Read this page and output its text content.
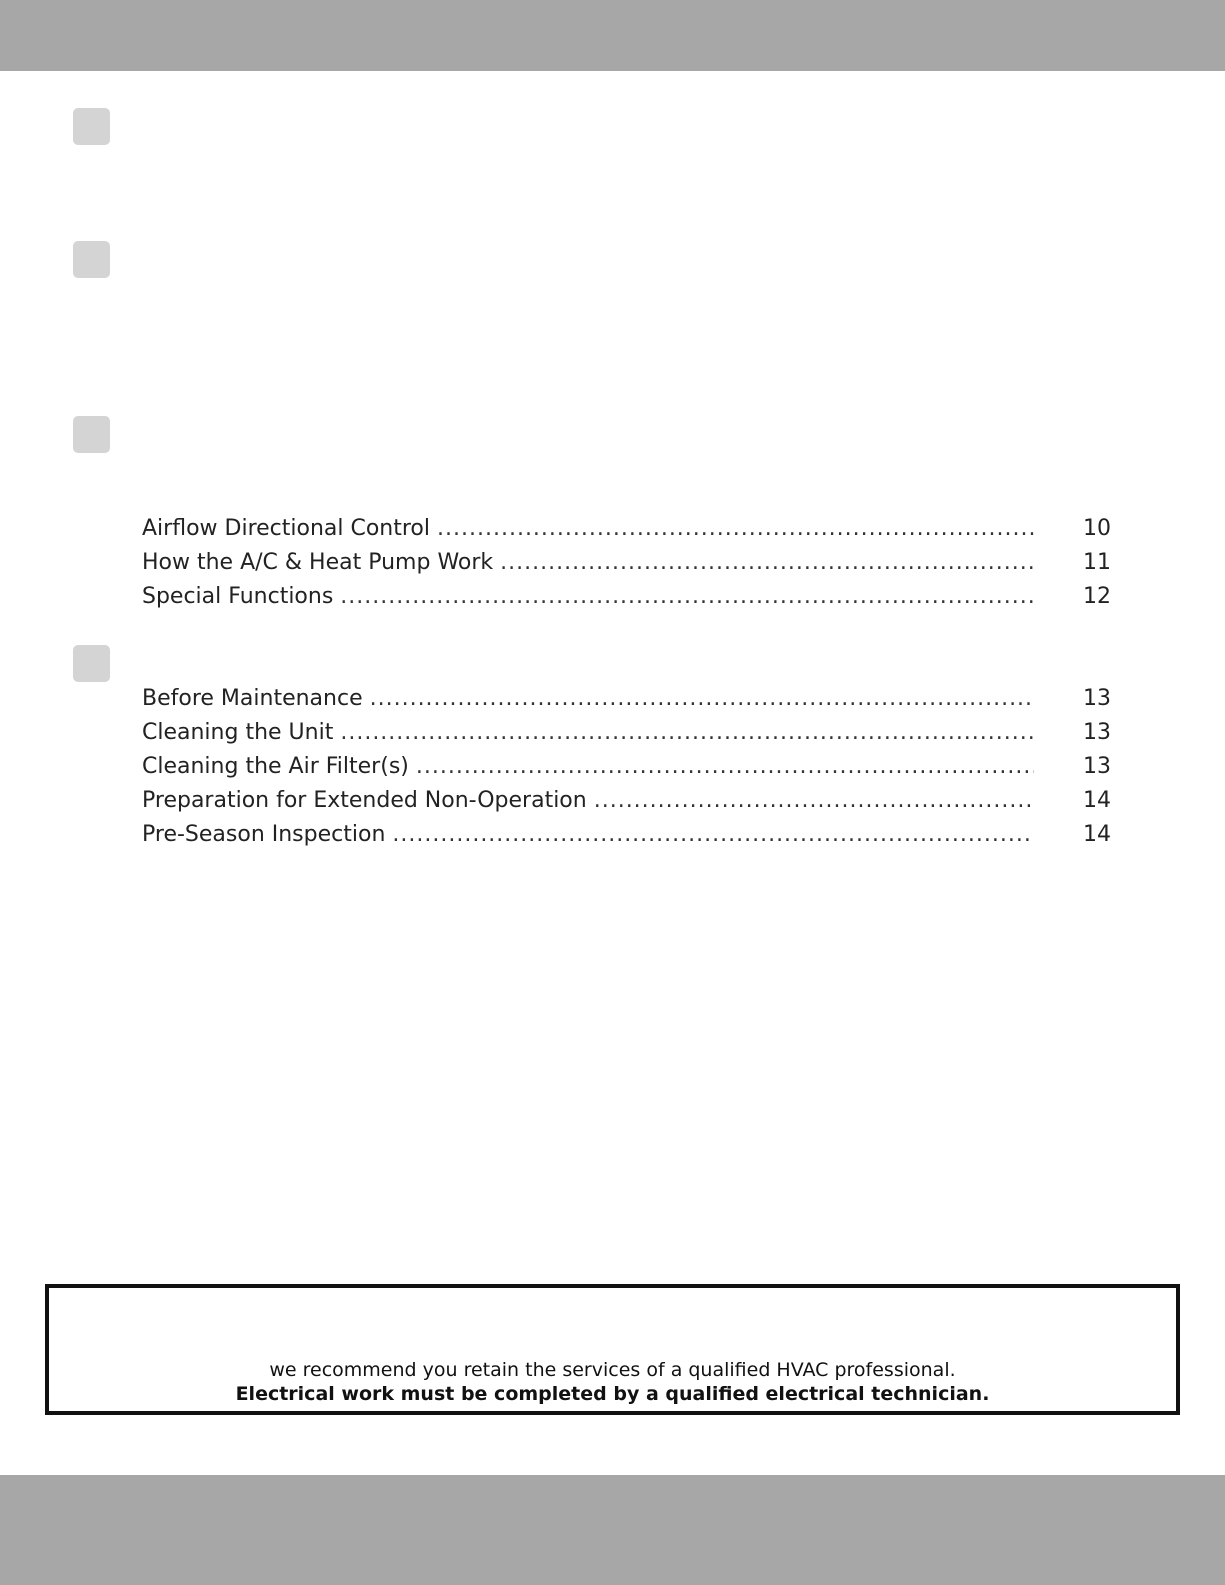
Airflow Directional Control .....	10
How the A/C & Heat Pump Work .....	11
Special Functions .....	12
Before Maintenance .....	13
Cleaning the Unit .....	13
Cleaning the Air Filter(s) .....	13
Preparation for Extended Non-Operation .....	14
Pre-Season Inspection .....	14
we recommend you retain the services of a qualified HVAC professional.
Electrical work must be completed by a qualified electrical technician.
